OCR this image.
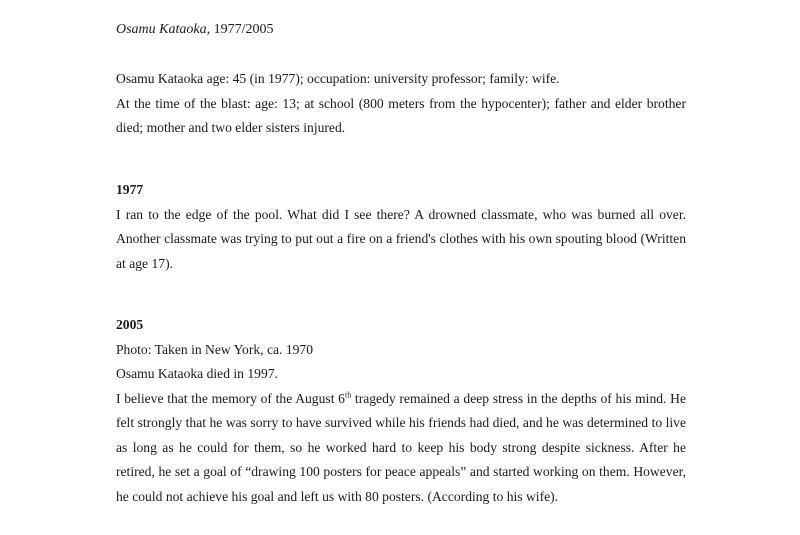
Osamu Kataoka, 1977/2005

Osamu Kataoka age: 45 (in 1977); occupation: university professor; family: wife.

At the time of the blast: age: 13; at school (800 meters from the hypocenter); father and elder brother died; mother and two elder sisters injured.

1977

I ran to the edge of the pool. What did I see there? A drowned classmate, who was burned all over. Another classmate was trying to put out a fire on a friend's clothes with his own spouting blood (Written at age 17).

2005

Photo: Taken in New York, ca. 1970

Osamu Kataoka died in 1997.

I believe that the memory of the August 6th tragedy remained a deep stress in the depths of his mind. He felt strongly that he was sorry to have survived while his friends had died, and he was determined to live as long as he could for them, so he worked hard to keep his body strong despite sickness. After he retired, he set a goal of “drawing 100 posters for peace appeals” and started working on them. However, he could not achieve his goal and left us with 80 posters. (According to his wife).
